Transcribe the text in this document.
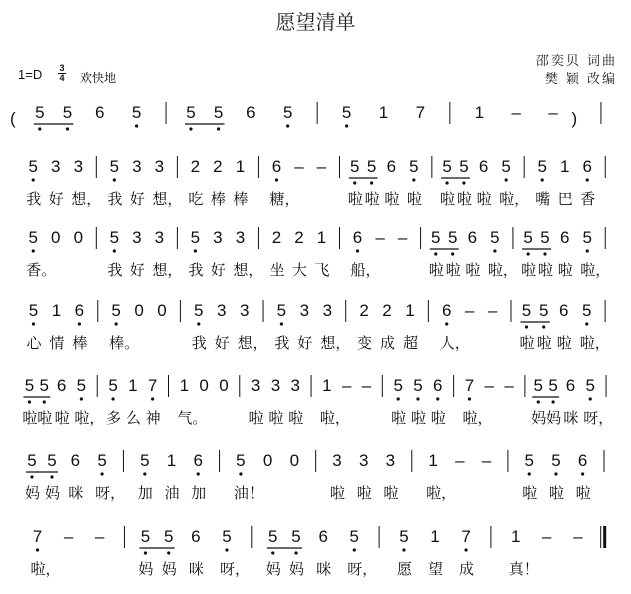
愿望清单
邵奕贝 词曲
樊 颖 改编
1=D 3
4 欢快地
( 5 5 6 5	5 5 6 5	5 1 7	1 – – )
5 3 3 5 3 3 2 2 1 6 – – 5 5 6 5 5 5 6 5 5 1 6
我 好 想， 我 好 想， 吃 棒 棒 糖，	啦 啦 啦 啦 啦 啦 啦 啦， 嘴 巴 香
5 0 0 5 3 3 5 3 3 2 2 1 6 – – 5 5 6 5 5 5 6 5
香。	我 好 想， 我 好 想， 坐 大 飞 船，	啦 啦 啦 啦， 啦 啦 啦 啦，
5 1 6 5 0 0 5 3 3 5 3 3 2 2 1 6 – – 5 5 6 5
心 情 棒 棒。	我 好 想， 我 好 想， 变 成 超 人，	啦 啦 啦 啦，
5 5 6 5 5 1 7 1 0 0 3 3 3 1 – – 5 5 6 7 – – 5 5 6 5
啦 啦 啦 啦， 多 么 神 气。	啦 啦 啦 啦，	啦 啦 啦 啦，	妈 妈 咪 呀，
5 5 6 5 5 1 6 5 0 0 3 3 3 1 – – 5 5 6
妈 妈 咪 呀， 加 油 加 油！	啦 啦 啦 啦，	啦 啦 啦
7 – – 5 5 6 5 5 5 6 5 5 1 7 1 – –
啦，	妈 妈 咪 呀， 妈 妈 咪 呀， 愿 望 成 真！
